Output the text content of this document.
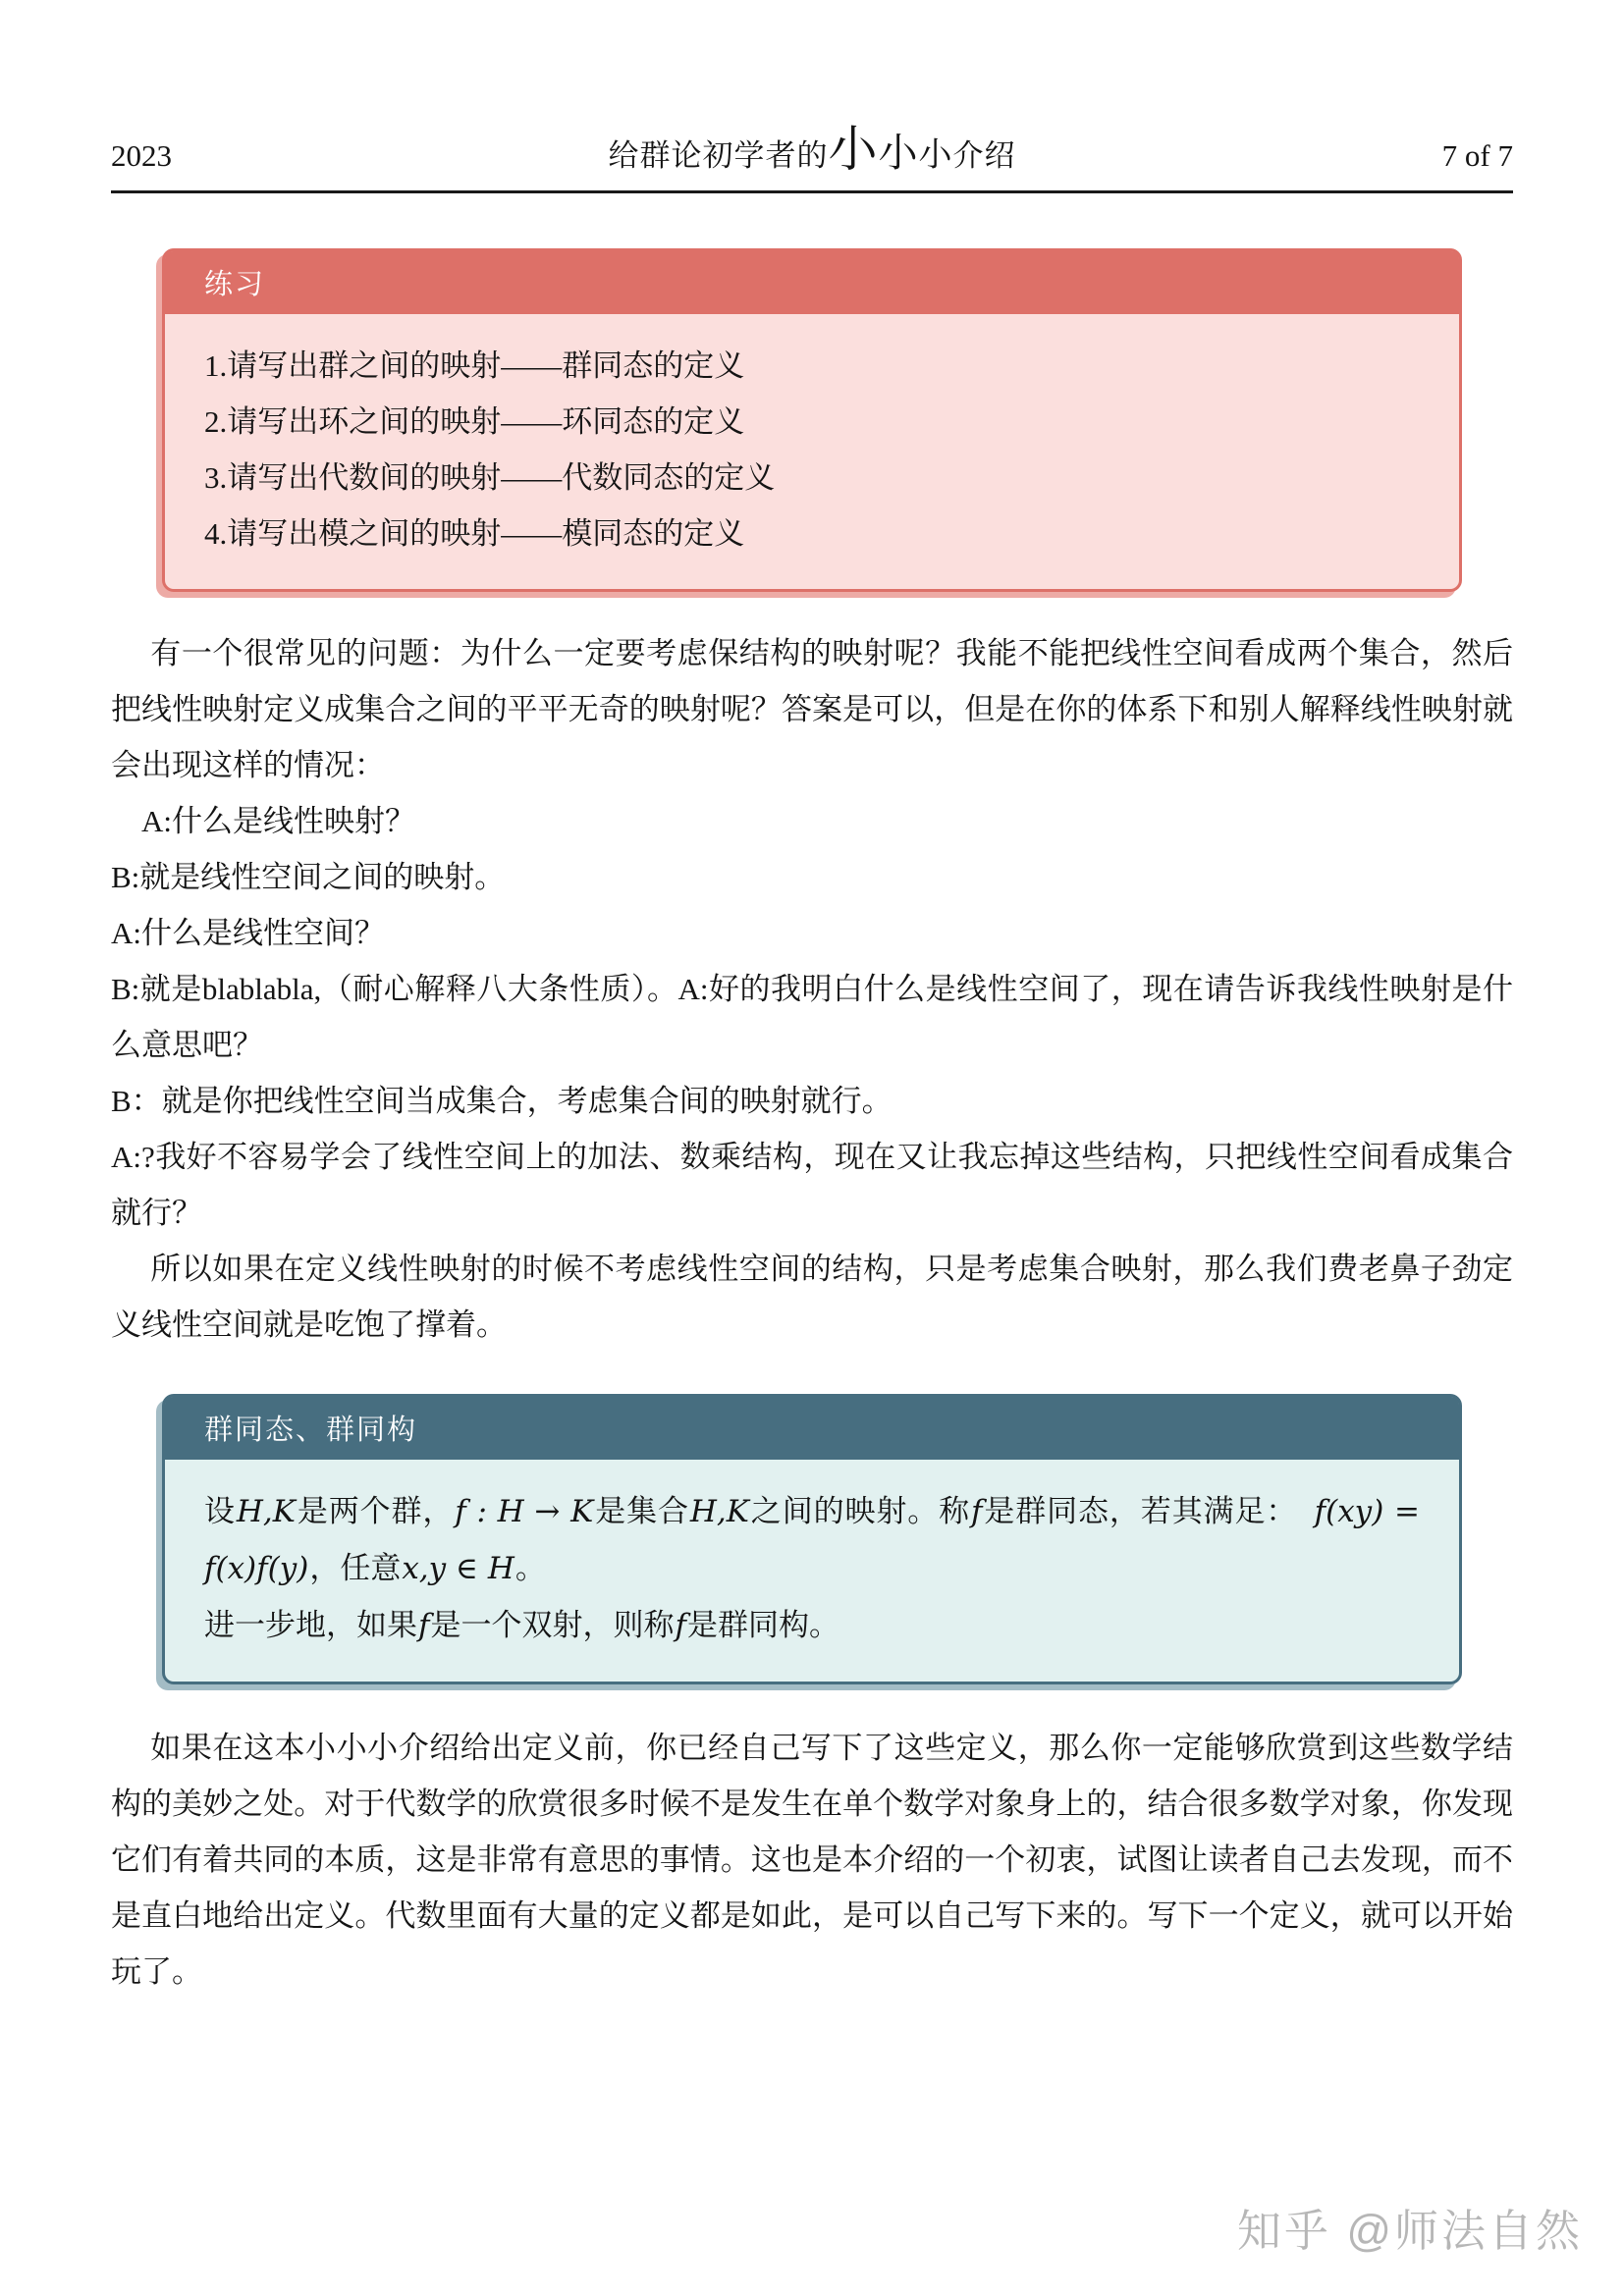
2023	给群论初学者的小小小介绍	7 of 7
练习
1.请写出群之间的映射——群同态的定义
2.请写出环之间的映射——环同态的定义
3.请写出代数间的映射——代数同态的定义
4.请写出模之间的映射——模同态的定义

有一个很常见的问题：为什么一定要考虑保结构的映射呢？我能不能把线性空间看成两个集合，然后把线性映射定义成集合之间的平平无奇的映射呢？答案是可以，但是在你的体系下和别人解释线性映射就会出现这样的情况：

A:什么是线性映射？

B:就是线性空间之间的映射。

A:什么是线性空间？

B:就是blablabla,（耐心解释八大条性质）。A:好的我明白什么是线性空间了，现在请告诉我线性映射是什么意思吧？

B：就是你把线性空间当成集合，考虑集合间的映射就行。

A:?我好不容易学会了线性空间上的加法、数乘结构，现在又让我忘掉这些结构，只把线性空间看成集合就行？

所以如果在定义线性映射的时候不考虑线性空间的结构，只是考虑集合映射，那么我们费老鼻子劲定义线性空间就是吃饱了撑着。

群同态、群同构
设H,K是两个群，f : H → K是集合H,K之间的映射。称f是群同态，若其满足：　f(xy) = f(x)f(y)，任意x,y ∈ H。
进一步地，如果f是一个双射，则称f是群同构。

如果在这本小小小介绍给出定义前，你已经自己写下了这些定义，那么你一定能够欣赏到这些数学结构的美妙之处。对于代数学的欣赏很多时候不是发生在单个数学对象身上的，结合很多数学对象，你发现它们有着共同的本质，这是非常有意思的事情。这也是本介绍的一个初衷，试图让读者自己去发现，而不是直白地给出定义。代数里面有大量的定义都是如此，是可以自己写下来的。写下一个定义，就可以开始玩了。

知乎 @师法自然
